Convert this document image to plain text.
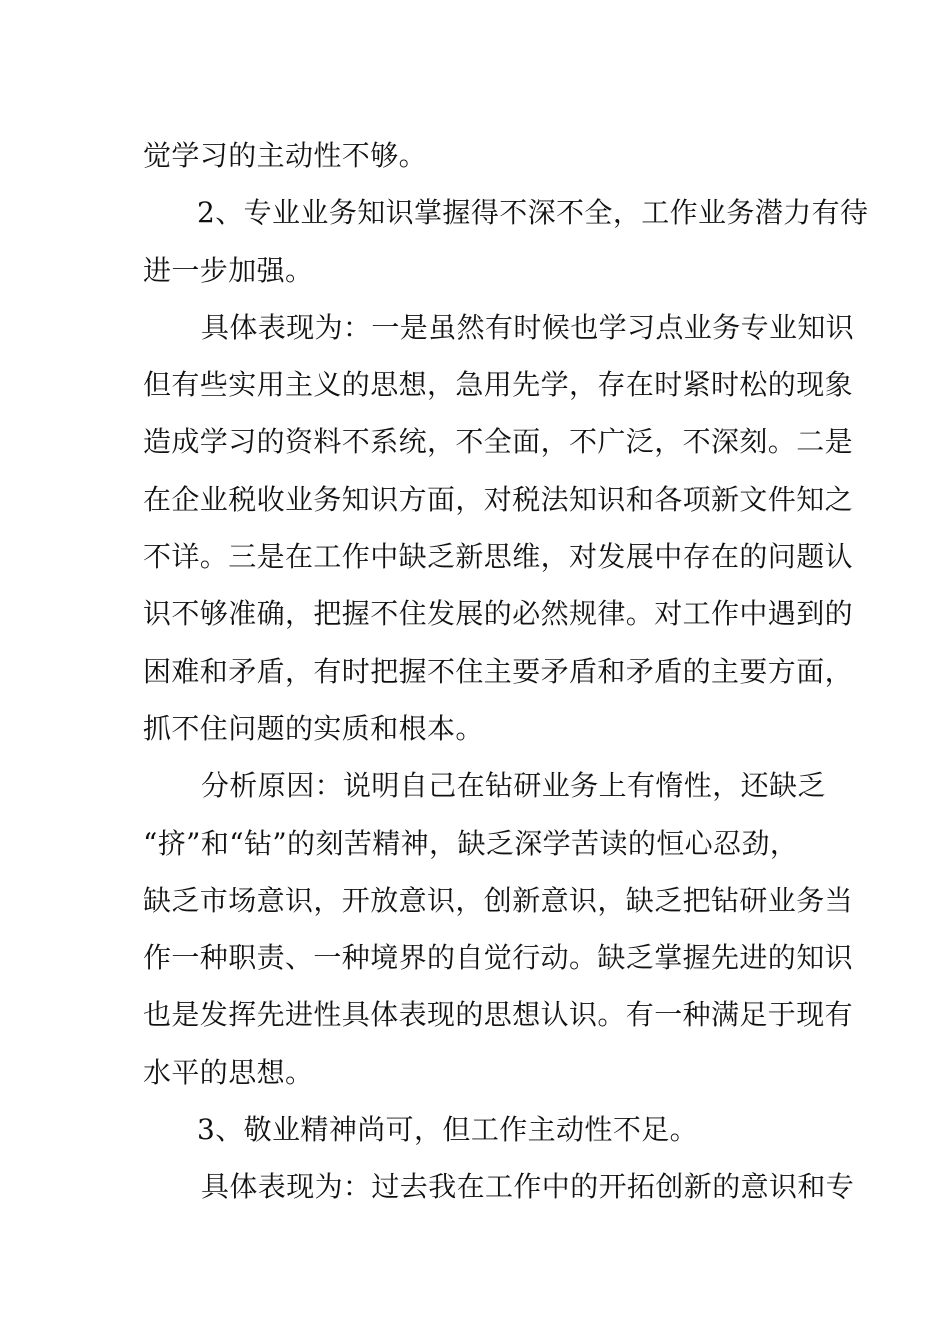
觉学习的主动性不够。

2、专业业务知识掌握得不深不全，工作业务潜力有待
进一步加强。

具体表现为：一是虽然有时候也学习点业务专业知识
但有些实用主义的思想，急用先学，存在时紧时松的现象
造成学习的资料不系统，不全面，不广泛，不深刻。二是
在企业税收业务知识方面，对税法知识和各项新文件知之
不详。三是在工作中缺乏新思维，对发展中存在的问题认
识不够准确，把握不住发展的必然规律。对工作中遇到的
困难和矛盾，有时把握不住主要矛盾和矛盾的主要方面，
抓不住问题的实质和根本。

分析原因：说明自己在钻研业务上有惰性，还缺乏
“挤”和“钻”的刻苦精神，缺乏深学苦读的恒心忍劲，
缺乏市场意识，开放意识，创新意识，缺乏把钻研业务当
作一种职责、一种境界的自觉行动。缺乏掌握先进的知识
也是发挥先进性具体表现的思想认识。有一种满足于现有
水平的思想。

3、敬业精神尚可，但工作主动性不足。

具体表现为：过去我在工作中的开拓创新的意识和专
